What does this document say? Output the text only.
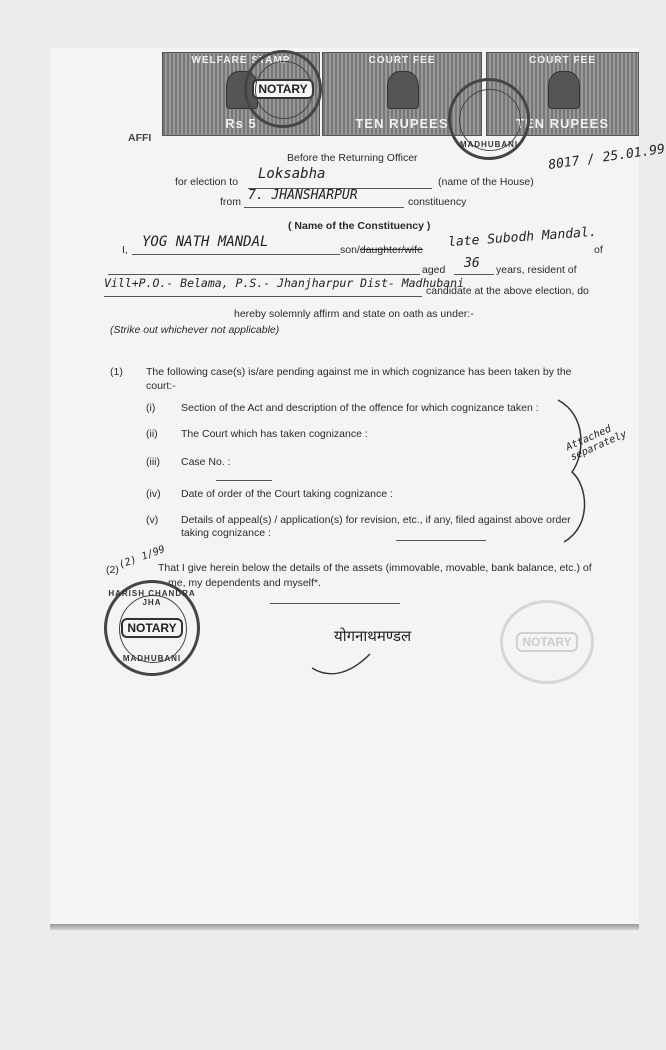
WELFARE STAMP
Rs 5
COURT FEE
TEN RUPEES
COURT FEE
TEN RUPEES
NOTARY
MADHUBANI	8017 / 25.01.99
AFFI
Before the Returning Officer
for election to Loksabha	(name of the House)
from 7. JHANSHARPUR	constituency
( Name of the Constituency )
I, YOG NATH MANDAL	son/daughter/wife late Subodh Mandal.
of
aged 36 years, resident of
Vill+P.O.- Belama, P.S.- Jhanjharpur Dist- Madhubani
candidate at the above election, do
hereby solemnly affirm and state on oath as under:-
(Strike out whichever not applicable)
(1) The following case(s) is/are pending against me in which cognizance has been taken by the
court:-
(i) Section of the Act and description of the offence for which cognizance taken :
(ii) The Court which has taken cognizance :
(iii) Case No. :
(iv) Date of order of the Court taking cognizance :
(v) Details of appeal(s) / application(s) for revision, etc., if any, filed against above order
taking cognizance :
Attached separately
(2)	That I give herein below the details of the assets (immovable, movable, bank balance, etc.) of
me, my dependents and myself*.
(2) 1/99
HARISH CHANDRA JHA
NOTARY
MADHUBANI
NOTARY
योगनाथमण्डल
